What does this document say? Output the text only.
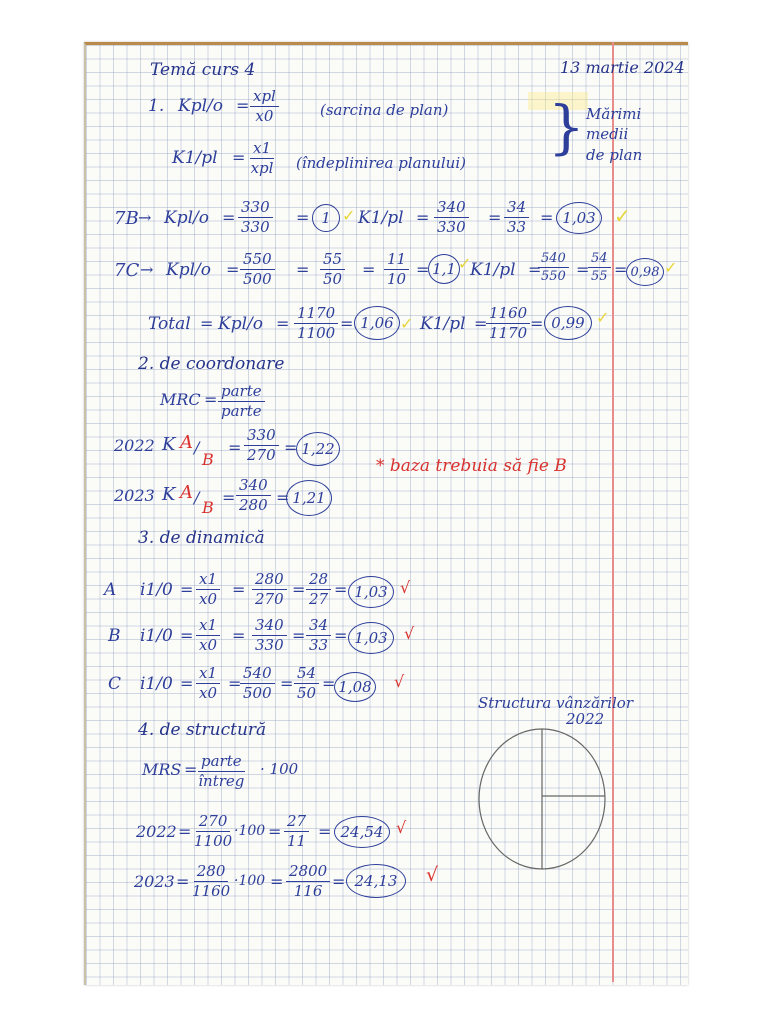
Temă curs 4	13 martie 2024
1. Kpl/o = xpl
x0	(sarcina de plan)
K1/pl = x1
xpl (îndeplinirea planului)
} Mărimi
medii
de plan
$7B \to Kpl/o = \frac{330}{330} = 1$ ✓ $K1/pl = \frac{340}{330} = \frac{34}{33} = 1,03$ ✓
$7C \to Kpl/o = \frac{550}{500} = \frac{55}{50} = \frac{11}{10} = 1,1$ ✓
K1/pl =
$\frac{540}{550}$ =
$\frac{54}{55} = 0,98$ ✓
Total = $Kpl/o = \frac{1170}{1100} = 1,06$ ✓ K1/pl =
$\frac{1160}{1170} = 0,99$ ✓
2. de coordonare
MRC = parte
parte
2022 K A /
B
= $\frac{330}{270} = 1,22$
* baza trebuia să fie B
2023 K A /
B
= $\frac{340}{280} = 1,21$
3. de dinamică
A $i1/0 = \frac{x1}{x0} = \frac{280}{270} = \frac{28}{27} = 1,03$ √
B $i1/0 = \frac{x1}{x0} = \frac{340}{330} = \frac{34}{33} = 1,03$	√
C $i1/0 = \frac{x1}{x0}$ =
$\frac{540}{500} = \frac{54}{50} = 1,08$ √
4. de structură
MRS = parte
întreg
· 100
$2022 = \frac{270}{1100} \cdot 100 = \frac{27}{11} = 24,54$ √
$2023 = \frac{280}{1160} \cdot 100 = \frac{2800}{116} = 24,13$	√
Structura vânzărilor
2022
